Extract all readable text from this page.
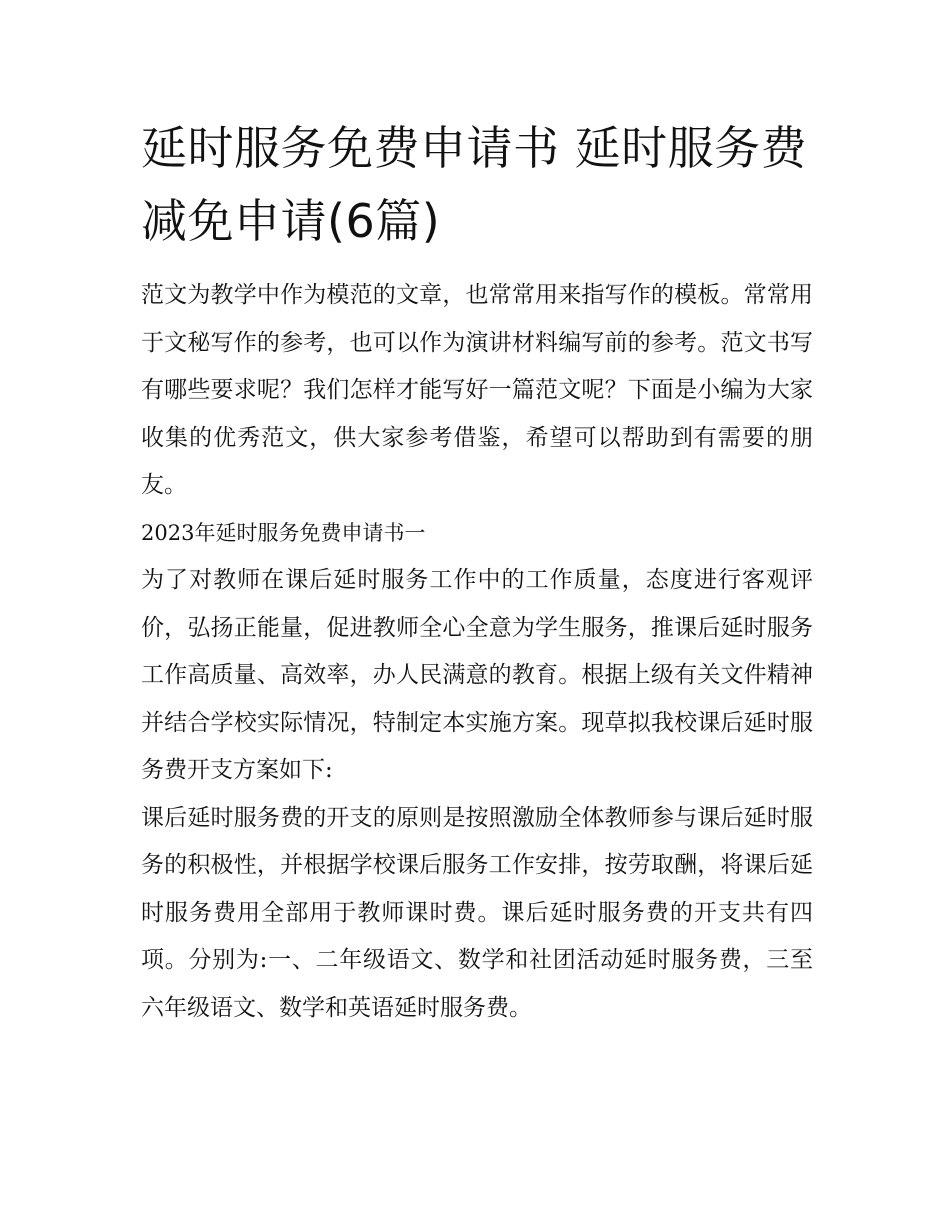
延时服务免费申请书 延时服务费减免申请(6篇)

范文为教学中作为模范的文章，也常常用来指写作的模板。常常用于文秘写作的参考，也可以作为演讲材料编写前的参考。范文书写有哪些要求呢？我们怎样才能写好一篇范文呢？下面是小编为大家收集的优秀范文，供大家参考借鉴，希望可以帮助到有需要的朋友。

2023年延时服务免费申请书一

为了对教师在课后延时服务工作中的工作质量，态度进行客观评价，弘扬正能量，促进教师全心全意为学生服务，推课后延时服务工作高质量、高效率，办人民满意的教育。根据上级有关文件精神并结合学校实际情况，特制定本实施方案。现草拟我校课后延时服务费开支方案如下:

课后延时服务费的开支的原则是按照激励全体教师参与课后延时服务的积极性，并根据学校课后服务工作安排，按劳取酬，将课后延时服务费用全部用于教师课时费。课后延时服务费的开支共有四项。分别为:一、二年级语文、数学和社团活动延时服务费，三至六年级语文、数学和英语延时服务费。
